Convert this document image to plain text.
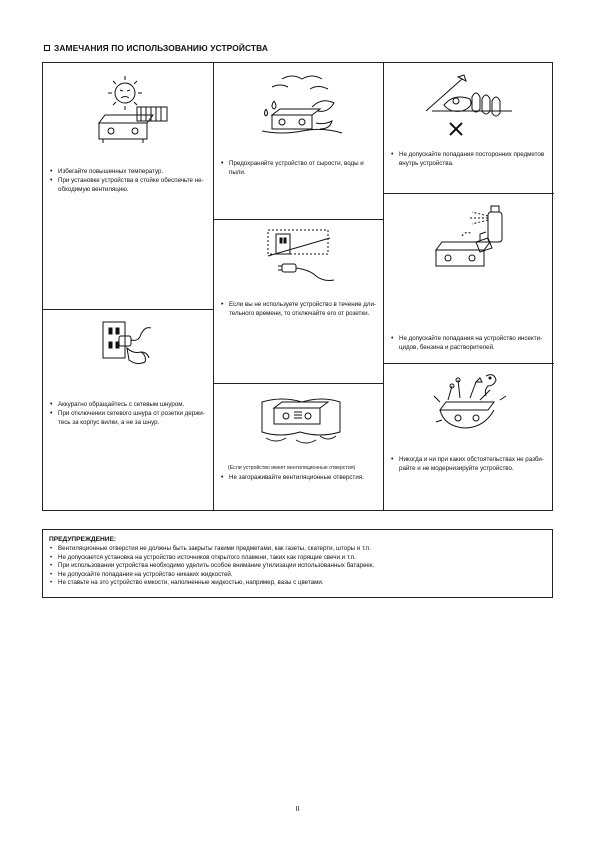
ЗАМЕЧАНИЯ ПО ИСПОЛЬЗОВАНИЮ УСТРОЙСТВА
• Избегайте повышенных температур.
• При установке устройства в стойке обеспечьте не-обходимую вентиляцию.
• Предохраняйте устройство от сырости, воды и пыли.
• Не допускайте попадания посторонних предметов внутрь устройства.
• Если вы не используете устройство в течение дли-тельного времени, то отключайте его от розетки.
• Не допускайте попадания на устройство инсекти-цидов, бензина и растворителей.
• Аккуратно обращайтесь с сетевым шнуром.
• При отключении сетевого шнура от розетки держи-тесь за корпус вилки, а не за шнур.
(Если устройство имеет вентиляционные отверстия)
• Не загораживайте вентиляционные отверстия.
• Никогда и ни при каких обстоятельствах не разби-райте и не модернизируйте устройство.
ПРЕДУПРЕЖДЕНИЕ:
• Вентиляционные отверстия не должны быть закрыты такими предметами, как газеты, скатерти, шторы и т.п.
• Не допускается установка на устройство источников открытого пламени, таких как горящие свечи и т.п.
• При использовании устройства необходимо уделить особое внимание утилизации использованных батареек.
• Не допускайте попадания на устройство никаких жидкостей.
• Не ставьте на это устройство емкости, наполненные жидкостью, например, вазы с цветами.
II
